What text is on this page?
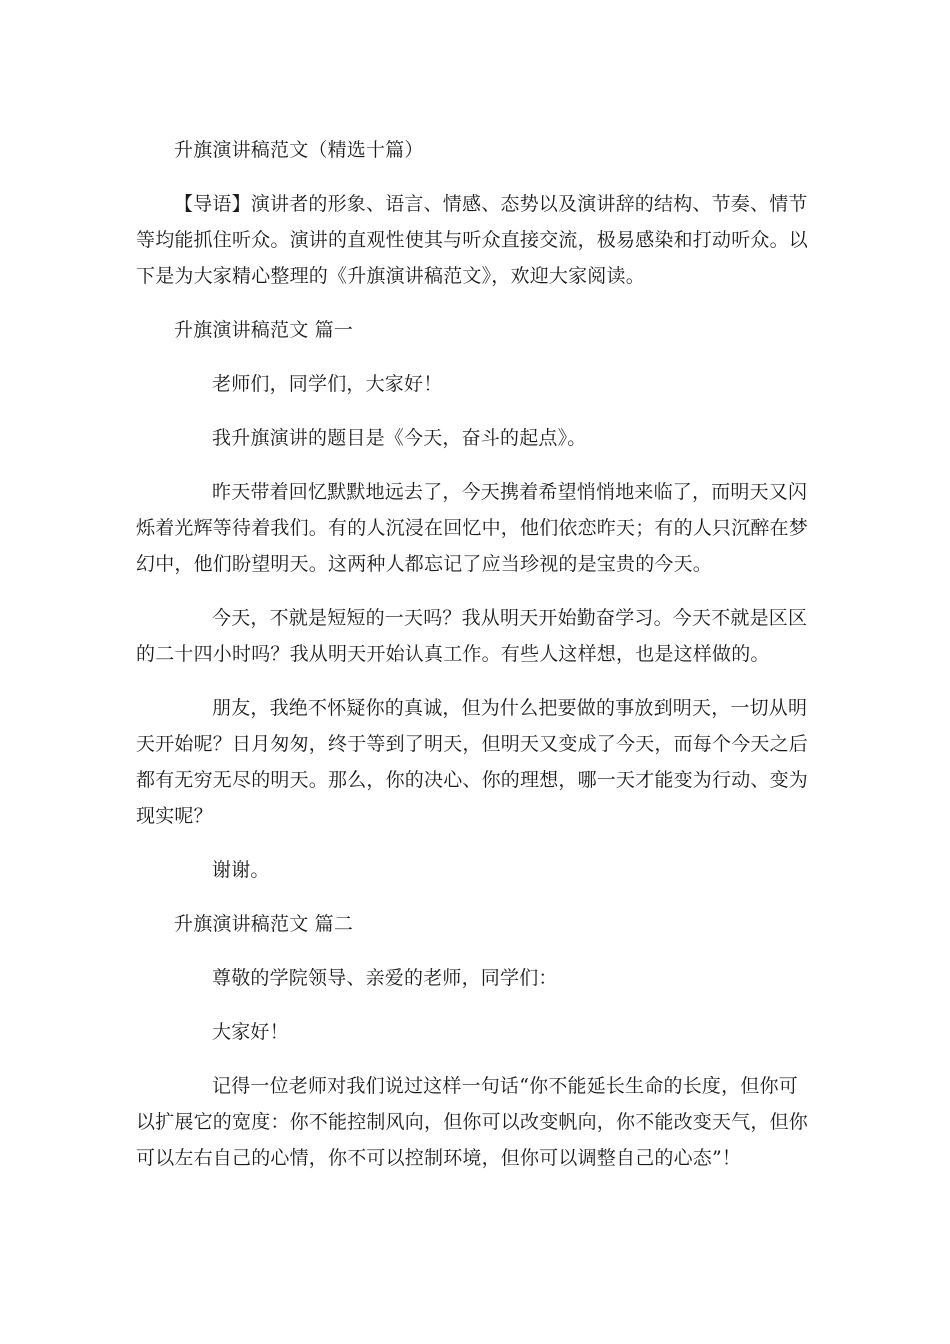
升旗演讲稿范文（精选十篇）
【导语】演讲者的形象、语言、情感、态势以及演讲辞的结构、节奏、情节
等均能抓住听众。演讲的直观性使其与听众直接交流，极易感染和打动听众。以
下是为大家精心整理的《升旗演讲稿范文》，欢迎大家阅读。
升旗演讲稿范文 篇一
老师们，同学们，大家好！
我升旗演讲的题目是《今天，奋斗的起点》。
昨天带着回忆默默地远去了，今天携着希望悄悄地来临了，而明天又闪
烁着光辉等待着我们。有的人沉浸在回忆中，他们依恋昨天；有的人只沉醉在梦
幻中，他们盼望明天。这两种人都忘记了应当珍视的是宝贵的今天。
今天，不就是短短的一天吗？我从明天开始勤奋学习。今天不就是区区
的二十四小时吗？我从明天开始认真工作。有些人这样想，也是这样做的。
朋友，我绝不怀疑你的真诚，但为什么把要做的事放到明天，一切从明
天开始呢？日月匆匆，终于等到了明天，但明天又变成了今天，而每个今天之后
都有无穷无尽的明天。那么，你的决心、你的理想，哪一天才能变为行动、变为
现实呢？
谢谢。
升旗演讲稿范文 篇二
尊敬的学院领导、亲爱的老师，同学们：
大家好！
记得一位老师对我们说过这样一句话“你不能延长生命的长度，但你可
以扩展它的宽度：你不能控制风向，但你可以改变帆向，你不能改变天气，但你
可以左右自己的心情，你不可以控制环境，但你可以调整自己的心态”！
